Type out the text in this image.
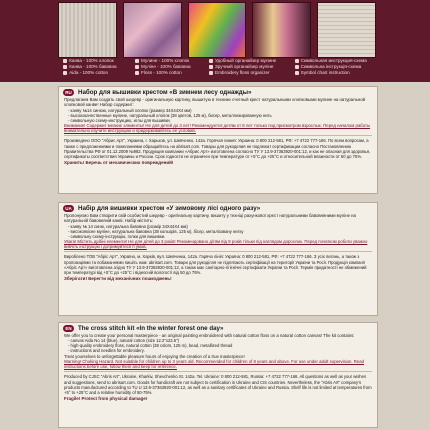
Канва - 100% хлопок
Канва - 100% бавовна
Aida - 100% cotton
Мулине - 100% хлопок
Муліне - 100% бавовна
Floss - 100% cotton
Удобный органайзер мулине
Зручний органайзер муліне
Embroidery floss organizer
Символьная инструкция-схема
Символьна інструкція-схема
Symbol chart instruction
RU	Набор для вышивки крестом «В зимнем лесу однажды»

Предлагаем Вам создать свой шедевр - оригинальную картину, вышитую в технике счетный крест натуральными хлопковыми мулине на натуральной хлопковой канве! Набор содержит:

- канву №14 синюю, натуральный хлопок (размер 34Х44Х4 мм)

- высококачественные мулине, натуральный хлопок (38 цветов, 125 м), бисер, металлизированную нить

- символьную схему-инструкцию, иглы для вышивки.

Внимание! Содержит мелкие элементы! Не для детей до 3 лет! Рекомендуется детям от 8 лет только под присмотром взрослых. Перед началом работы внимательно изучите инструкцию и придерживайтесь ее условий.

Произведено ООО "Абрис Арт", Украина, г. Харьков, ул. Шевченко, 142а. Горячая линия: Украина: 0 800 212-581, РФ: +7 4722 777-166. По всем вопросам, а также с предложениями и пожеланиями обращайтесь на abrisart.com. Товары для рукоделия не подлежат сертификации согласно Постановлению Правительства РФ от 01.12.2009 №982. Продукция компании «Абрис Арт» изготовлена согласно ТУ У 13.9-37363920-001:12, и как не опасная для здоровья, сертификаты соответствия Украины и России. Срок годности не ограничен при температуре от +5°С до +25°С и относительной влажности от 50 до 75%.

Хранить! Беречь от механических повреждений!
UA	Набір для вишивки хрестом «У зимовому лісі одного разу»

Пропонуємо Вам створити свій особистий шедевр - оригінальну картину, вишиту у техніці рахункової хрест натуральними бавовняними муліне на натуральній бавовняній канві. Набір містить:

- канву № 14 синю, натуральна бавовна (розмір 34Х44Х4 мм)

- високоякісне муліне, натуральна бавовна (38 кольорів, 125 м), бісер, металізовану нитку

- символьну схему-інструкцію, голки для вишивки.

Увага! Містить дрібні елементи! Не для дітей до 3 років! Рекомендовано дітям від 8 років тільки під наглядом дорослих. Перед початком роботи уважно вивчіть інструкцію і дотримуйтеся її умов.

Вироблено ТОВ "Абріс Арт", Україна, м. Харків, вул. Шевченка, 142а. Гаряча лінія: Україна: 0 800 212-581, РФ: +7 4722 777-166. З усіх питань, а також з пропозиціями та побажаннями пишіть нам: abrisart.com. Товари для рукоділля не підлягають сертифікації на території України та Росії. Продукція компанії «Абріс Арт» виготовлена згідно ТУ У 13.9-37363920-001:12, а також має санітарно-гігієнічні сертифікати України та Росії. Термін придатності не обмежений при температурі від +5°С до +25°С і відносній вологості від 50 до 75%.

Зберігати! Берегти від механічних пошкоджень!
EN	The cross stitch kit «In the winter forest one day»

We offer you to create your personal masterpiece - an original painting embroidered with natural cotton floss on a natural cotton canvas! The kit contains:

- canvas Aida No 14 (blue), natural cotton (size 12.2"x23.6")

- high-quality embroidery floss, natural cotton (38 colors, 125 m), bead, metallized thread

- instructions and needles for embroidery.

Treat yourselves to unforgettable pleasure hours of enjoying the creation of a true masterpiece!

Warning! Choking Hazard. Not suitable for children up to 3 years old. Recommended for children of 8 years and above. For use under adult supervision. Read instructions before use, follow them and keep for reference.

Produced by CJSC "Abris Art", Ukraine, Kharkiv, Shevchenko St. 142a. Tel. Ukraine: 0 800 212-581, Russia: +7 4722 777-166. All questions as well as your wishes and suggestions, send to abrisart.com. Goods for handicraft are not subject to certification in Ukraine and CIS countries. Nevertheless, the "Abris Art" company's products manufactured according to TU U 13.9-37363920-001:12, as well as a sanitary certificates of Ukraine and Russia. Shelf life is not limited at temperatures from +5° to +25°C and a relative humidity of 50-75%.

Fragile! Protect from physical damage!
